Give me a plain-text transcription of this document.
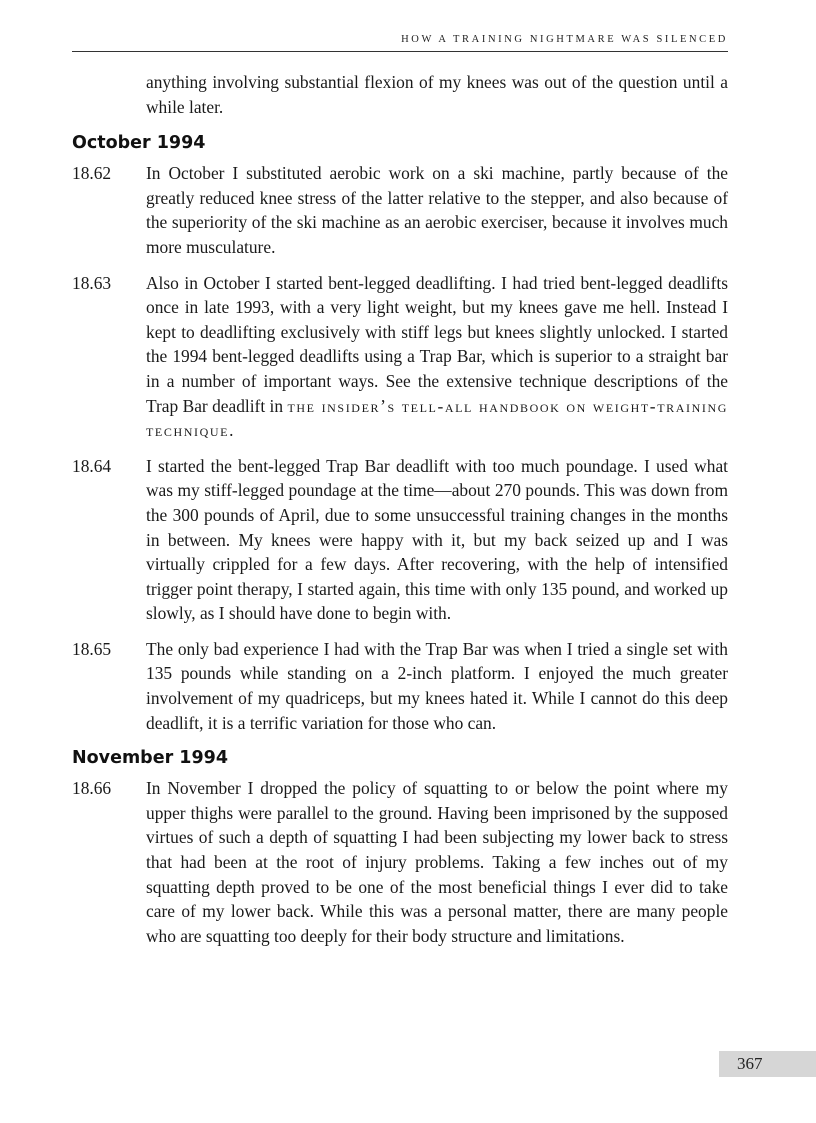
HOW A TRAINING NIGHTMARE WAS SILENCED

anything involving substantial flexion of my knees was out of the question until a while later.

October 1994

18.62 In October I substituted aerobic work on a ski machine, partly because of the greatly reduced knee stress of the latter relative to the stepper, and also because of the superiority of the ski machine as an aerobic exerciser, because it involves much more musculature.

18.63 Also in October I started bent-legged deadlifting. I had tried bent-legged deadlifts once in late 1993, with a very light weight, but my knees gave me hell. Instead I kept to deadlifting exclusively with stiff legs but knees slightly unlocked. I started the 1994 bent-legged deadlifts using a Trap Bar, which is superior to a straight bar in a number of important ways. See the extensive technique descriptions of the Trap Bar deadlift in the insider’s tell-all handbook on weight-training technique.

18.64 I started the bent-legged Trap Bar deadlift with too much poundage. I used what was my stiff-legged poundage at the time—about 270 pounds. This was down from the 300 pounds of April, due to some unsuccessful training changes in the months in between. My knees were happy with it, but my back seized up and I was virtually crippled for a few days. After recovering, with the help of intensified trigger point therapy, I started again, this time with only 135 pound, and worked up slowly, as I should have done to begin with.

18.65 The only bad experience I had with the Trap Bar was when I tried a single set with 135 pounds while standing on a 2-inch platform. I enjoyed the much greater involvement of my quadriceps, but my knees hated it. While I cannot do this deep deadlift, it is a terrific variation for those who can.

November 1994

18.66 In November I dropped the policy of squatting to or below the point where my upper thighs were parallel to the ground. Having been imprisoned by the supposed virtues of such a depth of squatting I had been subjecting my lower back to stress that had been at the root of injury problems. Taking a few inches out of my squatting depth proved to be one of the most beneficial things I ever did to take care of my lower back. While this was a personal matter, there are many people who are squatting too deeply for their body structure and limitations.

367
